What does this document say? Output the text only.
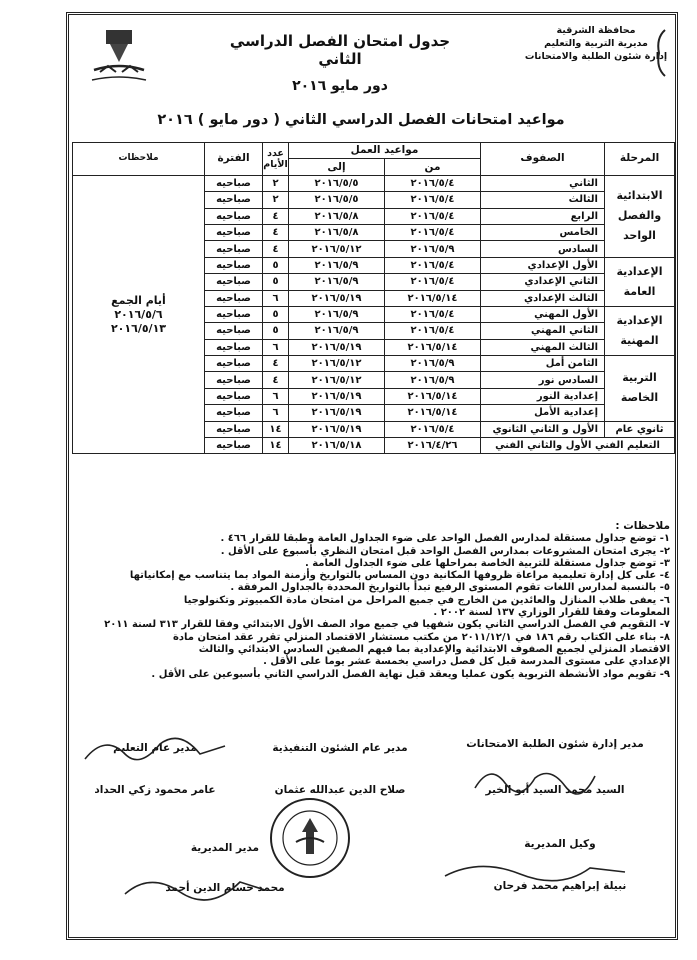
محافظة الشرقية
مديرية التربية والتعليم
إدارة شئون الطلبة والامتحانات
جدول امتحان الفصل الدراسي الثاني
دور مايو ٢٠١٦
مواعيد امتحانات الفصل الدراسي الثاني ( دور مايو ) ٢٠١٦
المرحلة	الصفوف	مواعيد العمل		عدد الأيام	الفترة	ملاحظات
		من	إلى			
الابتدائية والفصل الواحد	الثاني	٢٠١٦/٥/٤	٢٠١٦/٥/٥	٢	صباحيه	أيام الجمع
٢٠١٦/٥/٦
٢٠١٦/٥/١٣

	الثالث	٢٠١٦/٥/٤	٢٠١٦/٥/٥	٢	صباحيه	
	الرابع	٢٠١٦/٥/٤	٢٠١٦/٥/٨	٤	صباحيه	
	الخامس	٢٠١٦/٥/٤	٢٠١٦/٥/٨	٤	صباحيه	
	السادس	٢٠١٦/٥/٩	٢٠١٦/٥/١٢	٤	صباحيه	
الإعدادية العامة	الأول الإعدادي	٢٠١٦/٥/٤	٢٠١٦/٥/٩	٥	صباحيه	
	الثاني الإعدادي	٢٠١٦/٥/٤	٢٠١٦/٥/٩	٥	صباحيه	
	الثالث الإعدادي	٢٠١٦/٥/١٤	٢٠١٦/٥/١٩	٦	صباحيه	
الإعدادية المهنية	الأول المهني	٢٠١٦/٥/٤	٢٠١٦/٥/٩	٥	صباحيه	
	الثاني المهني	٢٠١٦/٥/٤	٢٠١٦/٥/٩	٥	صباحيه	
	الثالث المهني	٢٠١٦/٥/١٤	٢٠١٦/٥/١٩	٦	صباحيه	
التربية الخاصة	الثامن أمل	٢٠١٦/٥/٩	٢٠١٦/٥/١٢	٤	صباحيه	
	السادس نور	٢٠١٦/٥/٩	٢٠١٦/٥/١٢	٤	صباحيه	
	إعدادية النور	٢٠١٦/٥/١٤	٢٠١٦/٥/١٩	٦	صباحيه	
	إعدادية الأمل	٢٠١٦/٥/١٤	٢٠١٦/٥/١٩	٦	صباحيه	
ثانوي عام	الأول و الثاني الثانوي	٢٠١٦/٥/٤	٢٠١٦/٥/١٩	١٤	صباحيه	
التعليم الفني الأول والثاني الفني		٢٠١٦/٤/٢٦	٢٠١٦/٥/١٨	١٤	صباحيه	
ملاحظات :
١- توضع جداول مستقلة لمدارس الفصل الواحد على ضوء الجداول العامة وطبقا للقرار ٤٦٦ .
٢- يجرى امتحان المشروعات بمدارس الفصل الواحد قبل امتحان النظري بأسبوع على الأقل .
٣- توضع جداول مستقلة للتربية الخاصة بمراحلها على ضوء الجداول العامة .
٤- على كل إدارة تعليمية مراعاة ظروفها المكانية دون المساس بالتواريخ وأزمنة المواد بما يتناسب مع إمكانياتها
٥- بالنسبة لمدارس اللغات تقوم المستوى الرفيع تبدأ بالتواريخ المحددة بالجداول المرفقة .
٦- يعفى طلاب المنازل والعائدين من الخارج في جميع المراحل من امتحان مادة الكمبيوتر وتكنولوجيا
المعلومات وفقا للقرار الوزاري ١٣٧ لسنة ٢٠٠٢ .
٧- التقويم في الفصل الدراسي الثاني يكون شفهيا في جميع مواد الصف الأول الابتدائي وفقا للقرار ٣١٣ لسنة ٢٠١١
٨- بناء على الكتاب رقم ١٨٦ في ٢٠١١/١٢/١ من مكتب مستشار الاقتصاد المنزلي تقرر عقد امتحان مادة
الاقتصاد المنزلي لجميع الصفوف الابتدائية والإعدادية بما فيهم الصفين السادس الابتدائي والثالث
الإعدادي على مستوى المدرسة قبل كل فصل دراسي بخمسة عشر يوما على الأقل .
٩- تقويم مواد الأنشطة التربوية يكون عمليا ويعقد قبل نهاية الفصل الدراسي الثاني بأسبوعين على الأقل .
مدير إدارة شئون الطلبة الامتحانات
السيد محمد السيد أبو الخير
مدير عام الشئون التنفيذية
صلاح الدين عبدالله عثمان
مدير عام التعليم
عامر محمود زكي الحداد
وكيل المديرية
نبيلة إبراهيم محمد فرحان
مدير المديرية
محمد حسام الدين أحمد
